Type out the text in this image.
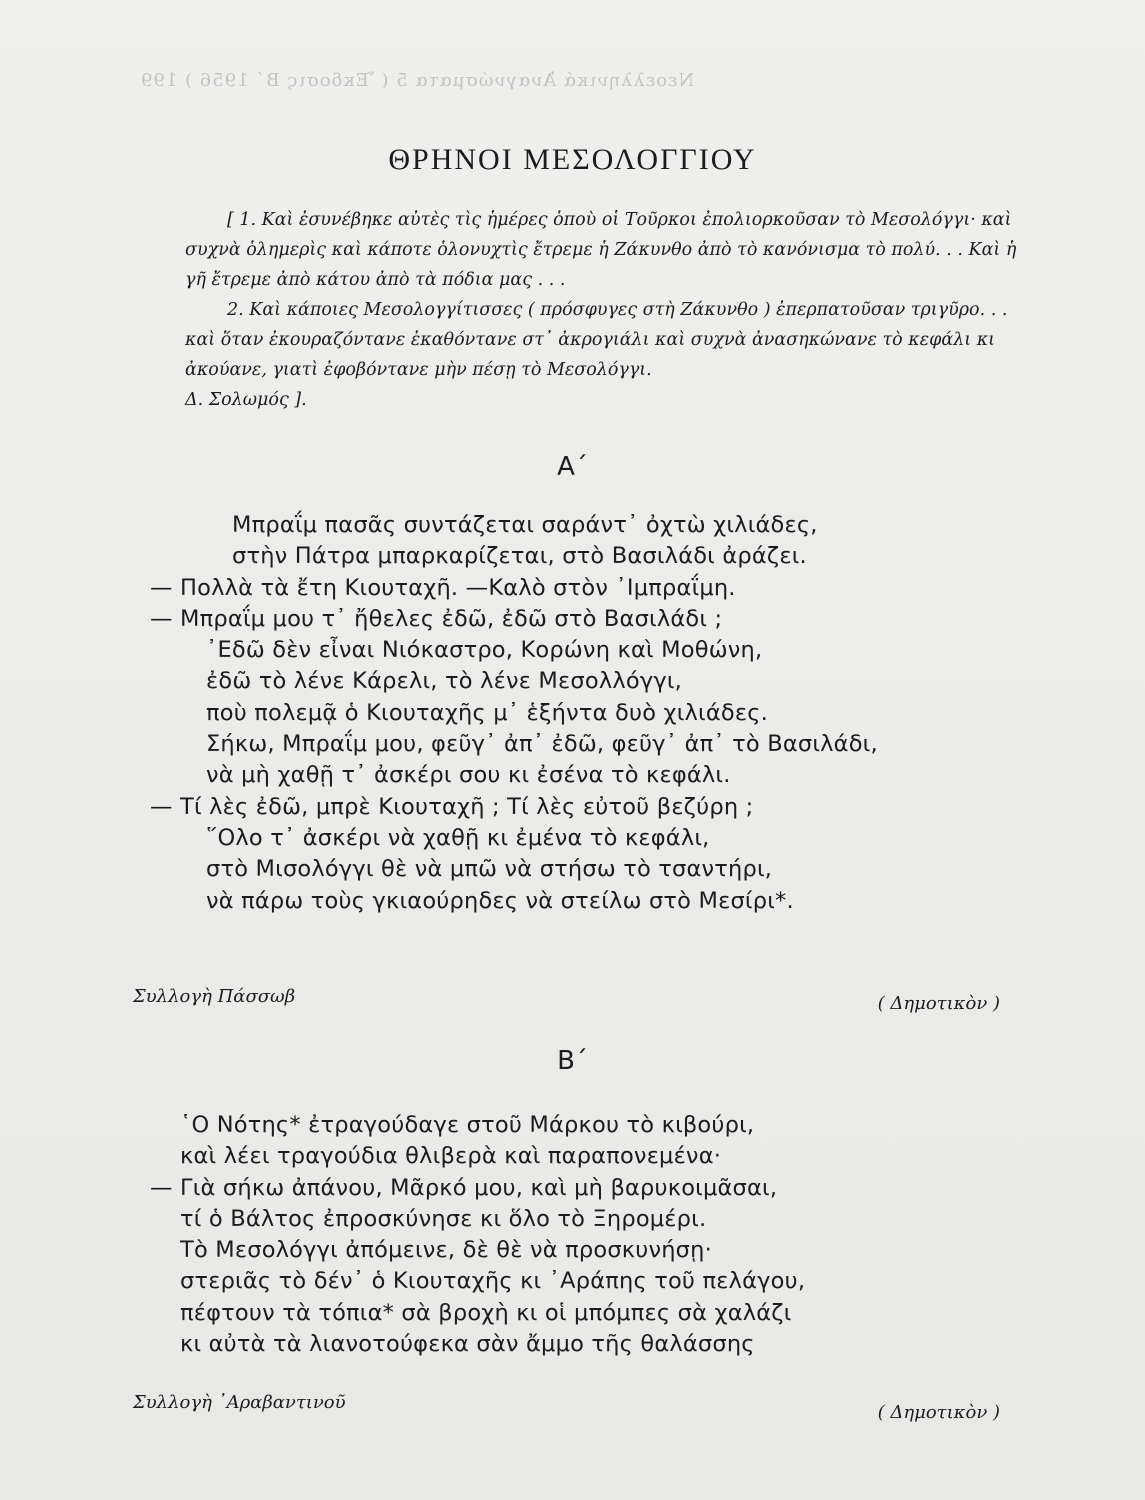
Νεοελληνικά Ἀναγνώσματα 5 ( Ἔκδοσις Β΄ 1956 ) 199
ΘΡΗΝΟΙ ΜΕΣΟΛΟΓΓΙΟΥ

[ 1. Καὶ ἐσυνέβηκε αὐτὲς τὶς ἡμέρες ὁποὺ οἱ Τοῦρκοι ἐπολιορκοῦσαν τὸ Μεσολόγγι· καὶ συχνὰ ὁλημερὶς καὶ κάποτε ὁλονυχτὶς ἔτρεμε ἡ Ζάκυνθο ἀπὸ τὸ κανόνισμα τὸ πολύ. . . Καὶ ἡ γῆ ἔτρεμε ἀπὸ κάτου ἀπὸ τὰ πόδια μας . . .

2. Καὶ κάποιες Μεσολογγίτισσες ( πρόσφυγες στὴ Ζάκυνθο ) ἐπερπατοῦσαν τριγῦρο. . . καὶ ὅταν ἐκουραζόντανε ἐκαθόντανε στ᾽ ἀκρογιάλι καὶ συχνὰ ἀνασηκώνανε τὸ κεφάλι κι ἀκούανε, γιατὶ ἐφοβόντανε μὴν πέσῃ τὸ Μεσολόγγι.

Δ. Σολωμός ].

Α΄
Μπραΐμ πασᾶς συντάζεται σαράντ᾽ ὀχτὼ χιλιάδες,
στὴν Πάτρα μπαρκαρίζεται, στὸ Βασιλάδι ἀράζει.
— Πολλὰ τὰ ἔτη Κιουταχῆ. —Καλὸ στὸν ᾿Ιμπραΐμη.
— Μπραΐμ μου τ᾽ ἤθελες ἐδῶ, ἐδῶ στὸ Βασιλάδι ;
᾿Εδῶ δὲν εἶναι Νιόκαστρο, Κορώνη καὶ Μοθώνη,
ἐδῶ τὸ λένε Κάρελι, τὸ λένε Μεσολλόγγι,
ποὺ πολεμᾷ ὁ Κιουταχῆς μ᾽ ἑξήντα δυὸ χιλιάδες.
Σήκω, Μπραΐμ μου, φεῦγ᾽ ἀπ᾽ ἐδῶ, φεῦγ᾽ ἀπ᾽ τὸ Βασιλάδι,
νὰ μὴ χαθῇ τ᾽ ἀσκέρι σου κι ἐσένα τὸ κεφάλι.
— Τί λὲς ἐδῶ, μπρὲ Κιουταχῆ ; Τί λὲς εὐτοῦ βεζύρη ;
῞Ολο τ᾽ ἀσκέρι νὰ χαθῇ κι ἐμένα τὸ κεφάλι,
στὸ Μισολόγγι θὲ νὰ μπῶ νὰ στήσω τὸ τσαντήρι,
νὰ πάρω τοὺς γκιαούρηδες νὰ στείλω στὸ Μεσίρι*.
Συλλογὴ Πάσσωβ	( Δημοτικὸν )
Β΄
῾Ο Νότης* ἐτραγούδαγε στοῦ Μάρκου τὸ κιβούρι,
καὶ λέει τραγούδια θλιβερὰ καὶ παραπονεμένα·
— Γιὰ σήκω ἀπάνου, Μᾶρκό μου, καὶ μὴ βαρυκοιμᾶσαι,
τί ὁ Βάλτος ἐπροσκύνησε κι ὅλο τὸ Ξηρομέρι.
Τὸ Μεσολόγγι ἀπόμεινε, δὲ θὲ νὰ προσκυνήσῃ·
στεριᾶς τὸ δέν᾽ ὁ Κιουταχῆς κι ᾽Αράπης τοῦ πελάγου,
πέφτουν τὰ τόπια* σὰ βροχὴ κι οἱ μπόμπες σὰ χαλάζι
κι αὐτὰ τὰ λιανοτούφεκα σὰν ἄμμο τῆς θαλάσσης
Συλλογὴ ᾿Αραβαντινοῦ	( Δημοτικὸν )
